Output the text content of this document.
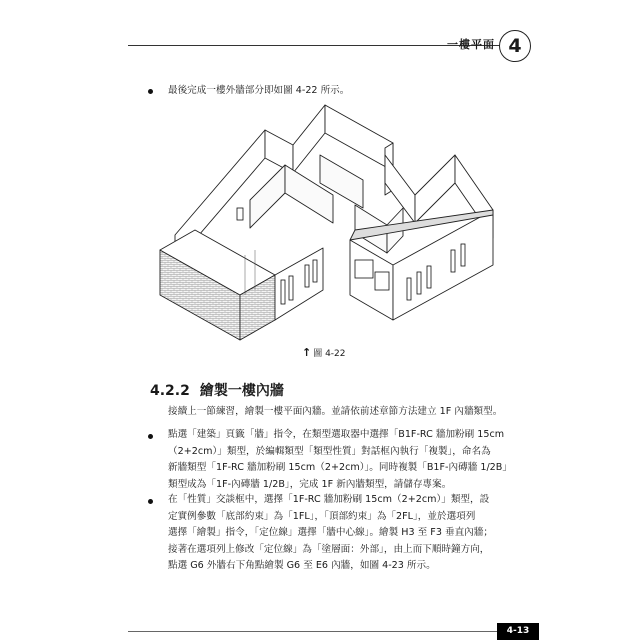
一樓平面 4
最後完成一樓外牆部分即如圖 4-22 所示。
↑ 圖 4-22
4.2.2 繪製一樓內牆
接續上一節練習，繪製一樓平面內牆。並請依前述章節方法建立 1F 內牆類型。
點選「建築」頁籤「牆」指令，在類型選取器中選擇「B1F-RC 牆加粉刷 15cm
（2+2cm）」類型，於編輯類型「類型性質」對話框內執行「複製」，命名為
新牆類型「1F-RC 牆加粉刷 15cm（2+2cm）」。同時複製「B1F-內磚牆 1/2B」
類型成為「1F-內磚牆 1/2B」，完成 1F 新內牆類型，請儲存專案。
在「性質」交談框中，選擇「1F-RC 牆加粉刷 15cm（2+2cm）」類型，設
定實例參數「底部約束」為「1FL」，「頂部約束」為「2FL」，並於選項列
選擇「繪製」指令，「定位線」選擇「牆中心線」。繪製 H3 至 F3 垂直內牆；
接著在選項列上修改「定位線」為「塗層面：外部」，由上而下順時鐘方向，
點選 G6 外牆右下角點繪製 G6 至 E6 內牆，如圖 4-23 所示。
4-13
